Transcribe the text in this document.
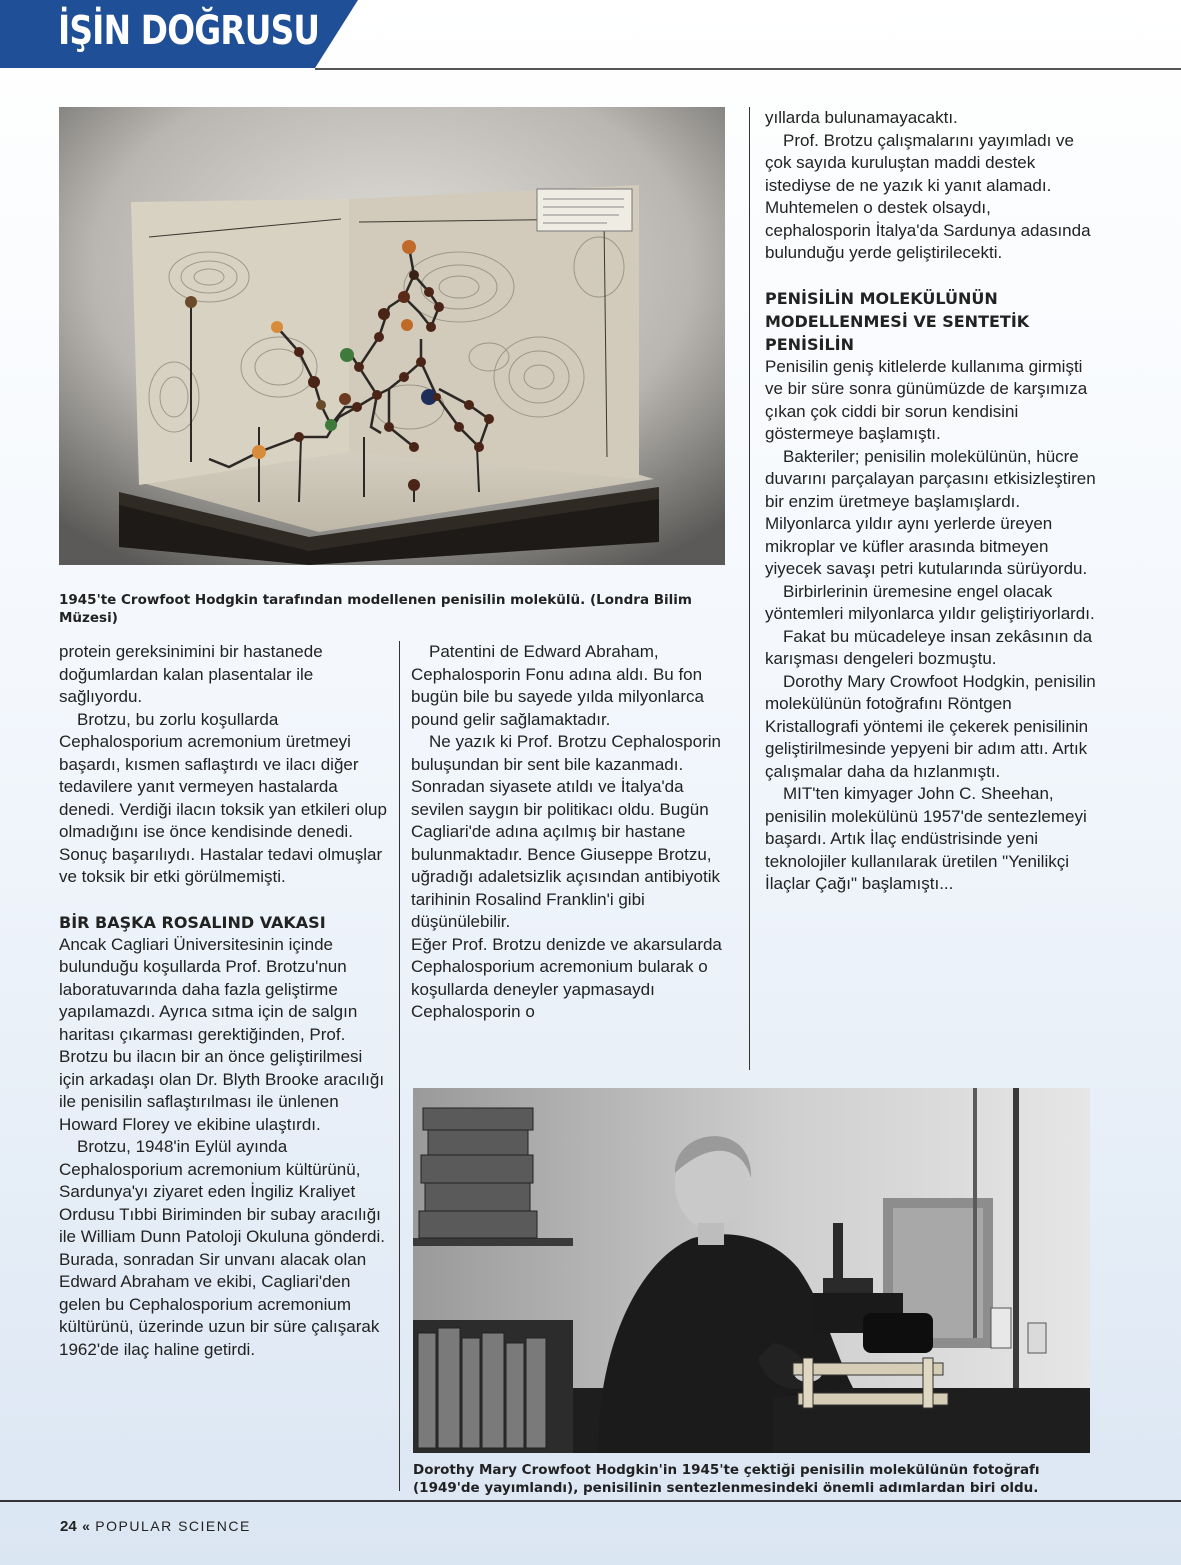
İŞİN DOĞRUSU
1945'te Crowfoot Hodgkin tarafından modellenen penisilin molekülü. (Londra Bilim Müzesi)

protein gereksinimini bir hastanede doğumlardan kalan plasentalar ile sağlıyordu.

Brotzu, bu zorlu koşullarda Cephalosporium acremonium üretmeyi başardı, kısmen saflaştırdı ve ilacı diğer tedavilere yanıt vermeyen hastalarda denedi. Verdiği ilacın toksik yan etkileri olup olmadığını ise önce kendisinde denedi. Sonuç başarılıydı. Hastalar tedavi olmuşlar ve toksik bir etki görülmemişti.

BİR BAŞKA ROSALIND VAKASI

Ancak Cagliari Üniversitesinin içinde bulunduğu koşullarda Prof. Brotzu'nun laboratuvarında daha fazla geliştirme yapılamazdı. Ayrıca sıtma için de salgın haritası çıkarması gerektiğinden, Prof. Brotzu bu ilacın bir an önce geliştirilmesi için arkadaşı olan Dr. Blyth Brooke aracılığı ile penisilin saflaştırılması ile ünlenen Howard Florey ve ekibine ulaştırdı.

Brotzu, 1948'in Eylül ayında Cephalosporium acremonium kültürünü, Sardunya'yı ziyaret eden İngiliz Kraliyet Ordusu Tıbbi Biriminden bir subay aracılığı ile William Dunn Patoloji Okuluna gönderdi.

Burada, sonradan Sir unvanı alacak olan Edward Abraham ve ekibi, Cagliari'den gelen bu Cephalosporium acremonium kültürünü, üzerinde uzun bir süre çalışarak 1962'de ilaç haline getirdi.

Patentini de Edward Abraham, Cephalosporin Fonu adına aldı. Bu fon bugün bile bu sayede yılda milyonlarca pound gelir sağlamaktadır.

Ne yazık ki Prof. Brotzu Cephalosporin buluşundan bir sent bile kazanmadı. Sonradan siyasete atıldı ve İtalya'da sevilen saygın bir politikacı oldu. Bugün Cagliari'de adına açılmış bir hastane bulunmaktadır. Bence Giuseppe Brotzu, uğradığı adaletsizlik açısından antibiyotik tarihinin Rosalind Franklin'i gibi düşünülebilir.

Eğer Prof. Brotzu denizde ve akarsularda Cephalosporium acremonium bularak o koşullarda deneyler yapmasaydı Cephalosporin o

yıllarda bulunamayacaktı.

Prof. Brotzu çalışmalarını yayımladı ve çok sayıda kuruluştan maddi destek istediyse de ne yazık ki yanıt alamadı. Muhtemelen o destek olsaydı, cephalosporin İtalya'da Sardunya adasında bulunduğu yerde geliştirilecekti.

PENİSİLİN MOLEKÜLÜNÜN MODELLENMESİ VE SENTETİK PENİSİLİN

Penisilin geniş kitlelerde kullanıma girmişti ve bir süre sonra günümüzde de karşımıza çıkan çok ciddi bir sorun kendisini göstermeye başlamıştı.

Bakteriler; penisilin molekülünün, hücre duvarını parçalayan parçasını etkisizleştiren bir enzim üretmeye başlamışlardı. Milyonlarca yıldır aynı yerlerde üreyen mikroplar ve küfler arasında bitmeyen yiyecek savaşı petri kutularında sürüyordu.

Birbirlerinin üremesine engel olacak yöntemleri milyonlarca yıldır geliştiriyorlardı.

Fakat bu mücadeleye insan zekâsının da karışması dengeleri bozmuştu.

Dorothy Mary Crowfoot Hodgkin, penisilin molekülünün fotoğrafını Röntgen Kristallografi yöntemi ile çekerek penisilinin geliştirilmesinde yepyeni bir adım attı. Artık çalışmalar daha da hızlanmıştı.

MIT'ten kimyager John C. Sheehan, penisilin molekülünü 1957'de sentezlemeyi başardı. Artık İlaç endüstrisinde yeni teknolojiler kullanılarak üretilen "Yenilikçi İlaçlar Çağı" başlamıştı...

Dorothy Mary Crowfoot Hodgkin'in 1945'te çektiği penisilin molekülünün fotoğrafı (1949'de yayımlandı), penisilinin sentezlenmesindeki önemli adımlardan biri oldu.
24 « POPULAR SCIENCE
